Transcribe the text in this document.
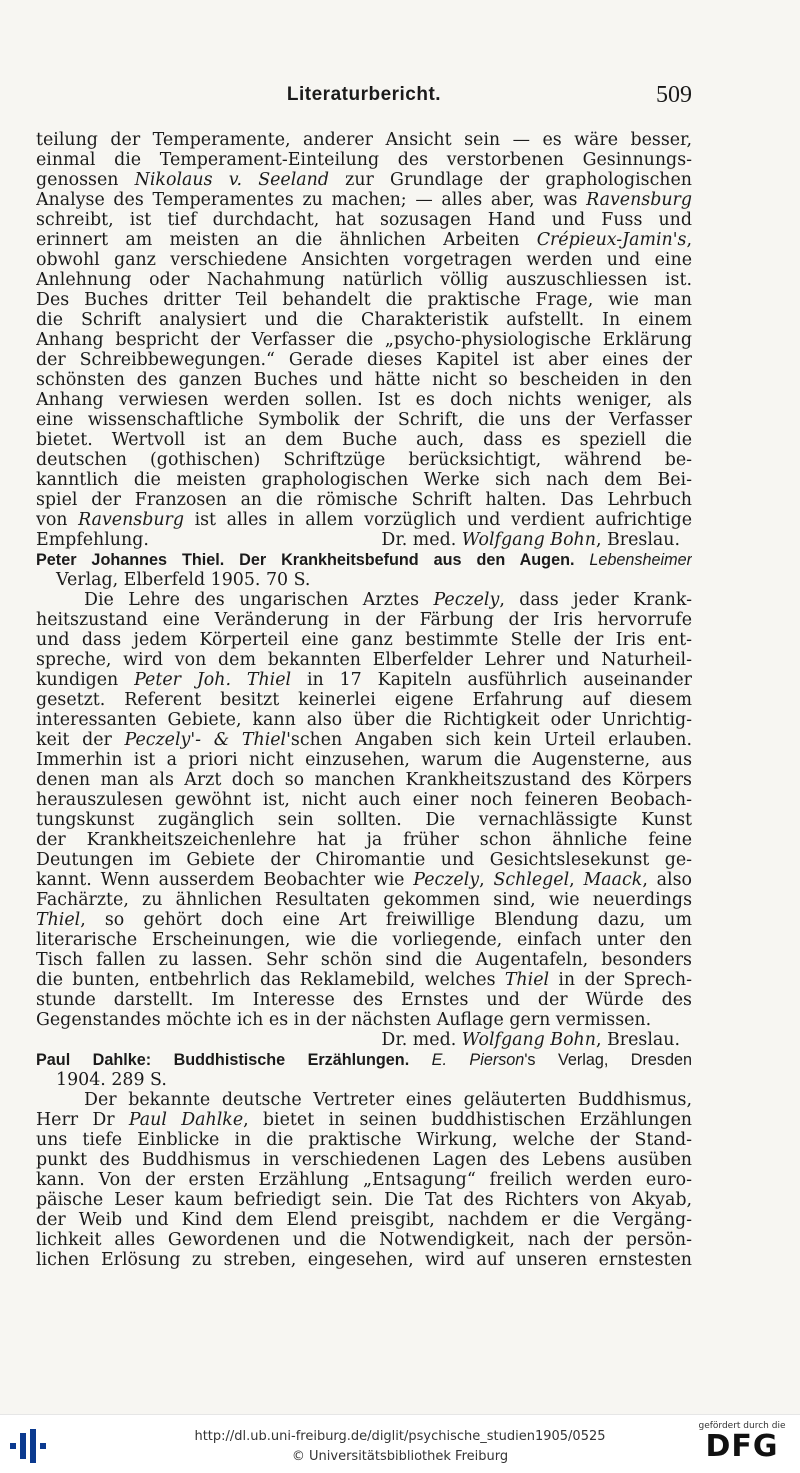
Literaturbericht.	509
teilung der Temperamente, anderer Ansicht sein — es wäre besser,
einmal die Temperament-Einteilung des verstorbenen Gesinnungs-
genossen Nikolaus v. Seeland zur Grundlage der graphologischen
Analyse des Temperamentes zu machen; — alles aber, was Ravensburg
schreibt, ist tief durchdacht, hat sozusagen Hand und Fuss und
erinnert am meisten an die ähnlichen Arbeiten Crépieux-Jamin's,
obwohl ganz verschiedene Ansichten vorgetragen werden und eine
Anlehnung oder Nachahmung natürlich völlig auszuschliessen ist.
Des Buches dritter Teil behandelt die praktische Frage, wie man
die Schrift analysiert und die Charakteristik aufstellt. In einem
Anhang bespricht der Verfasser die „psycho-physiologische Erklärung
der Schreibbewegungen.“ Gerade dieses Kapitel ist aber eines der
schönsten des ganzen Buches und hätte nicht so bescheiden in den
Anhang verwiesen werden sollen. Ist es doch nichts weniger, als
eine wissenschaftliche Symbolik der Schrift, die uns der Verfasser
bietet. Wertvoll ist an dem Buche auch, dass es speziell die
deutschen (gothischen) Schriftzüge berücksichtigt, während be-
kanntlich die meisten graphologischen Werke sich nach dem Bei-
spiel der Franzosen an die römische Schrift halten. Das Lehrbuch
von Ravensburg ist alles in allem vorzüglich und verdient aufrichtige
Empfehlung.	Dr. med. Wolfgang Bohn, Breslau.
Peter Johannes Thiel. Der Krankheitsbefund aus den Augen. Lebensheimer
Verlag, Elberfeld 1905. 70 S.
Die Lehre des ungarischen Arztes Peczely, dass jeder Krank-
heitszustand eine Veränderung in der Färbung der Iris hervorrufe
und dass jedem Körperteil eine ganz bestimmte Stelle der Iris ent-
spreche, wird von dem bekannten Elberfelder Lehrer und Naturheil-
kundigen Peter Joh. Thiel in 17 Kapiteln ausführlich auseinander
gesetzt. Referent besitzt keinerlei eigene Erfahrung auf diesem
interessanten Gebiete, kann also über die Richtigkeit oder Unrichtig-
keit der Peczely'- & Thiel'schen Angaben sich kein Urteil erlauben.
Immerhin ist a priori nicht einzusehen, warum die Augensterne, aus
denen man als Arzt doch so manchen Krankheitszustand des Körpers
herauszulesen gewöhnt ist, nicht auch einer noch feineren Beobach-
tungskunst zugänglich sein sollten. Die vernachlässigte Kunst
der Krankheitszeichenlehre hat ja früher schon ähnliche feine
Deutungen im Gebiete der Chiromantie und Gesichtslesekunst ge-
kannt. Wenn ausserdem Beobachter wie Peczely, Schlegel, Maack, also
Fachärzte, zu ähnlichen Resultaten gekommen sind, wie neuerdings
Thiel, so gehört doch eine Art freiwillige Blendung dazu, um
literarische Erscheinungen, wie die vorliegende, einfach unter den
Tisch fallen zu lassen. Sehr schön sind die Augentafeln, besonders
die bunten, entbehrlich das Reklamebild, welches Thiel in der Sprech-
stunde darstellt. Im Interesse des Ernstes und der Würde des
Gegenstandes möchte ich es in der nächsten Auflage gern vermissen.
Dr. med. Wolfgang Bohn, Breslau.
Paul Dahlke: Buddhistische Erzählungen. E. Pierson's Verlag, Dresden
1904. 289 S.
Der bekannte deutsche Vertreter eines geläuterten Buddhismus,
Herr Dr Paul Dahlke, bietet in seinen buddhistischen Erzählungen
uns tiefe Einblicke in die praktische Wirkung, welche der Stand-
punkt des Buddhismus in verschiedenen Lagen des Lebens ausüben
kann. Von der ersten Erzählung „Entsagung“ freilich werden euro-
päische Leser kaum befriedigt sein. Die Tat des Richters von Akyab,
der Weib und Kind dem Elend preisgibt, nachdem er die Vergäng-
lichkeit alles Gewordenen und die Notwendigkeit, nach der persön-
lichen Erlösung zu streben, eingesehen, wird auf unseren ernstesten
http://dl.ub.uni-freiburg.de/diglit/psychische_studien1905/0525
© Universitätsbibliothek Freiburg
gefördert durch die
DFG
